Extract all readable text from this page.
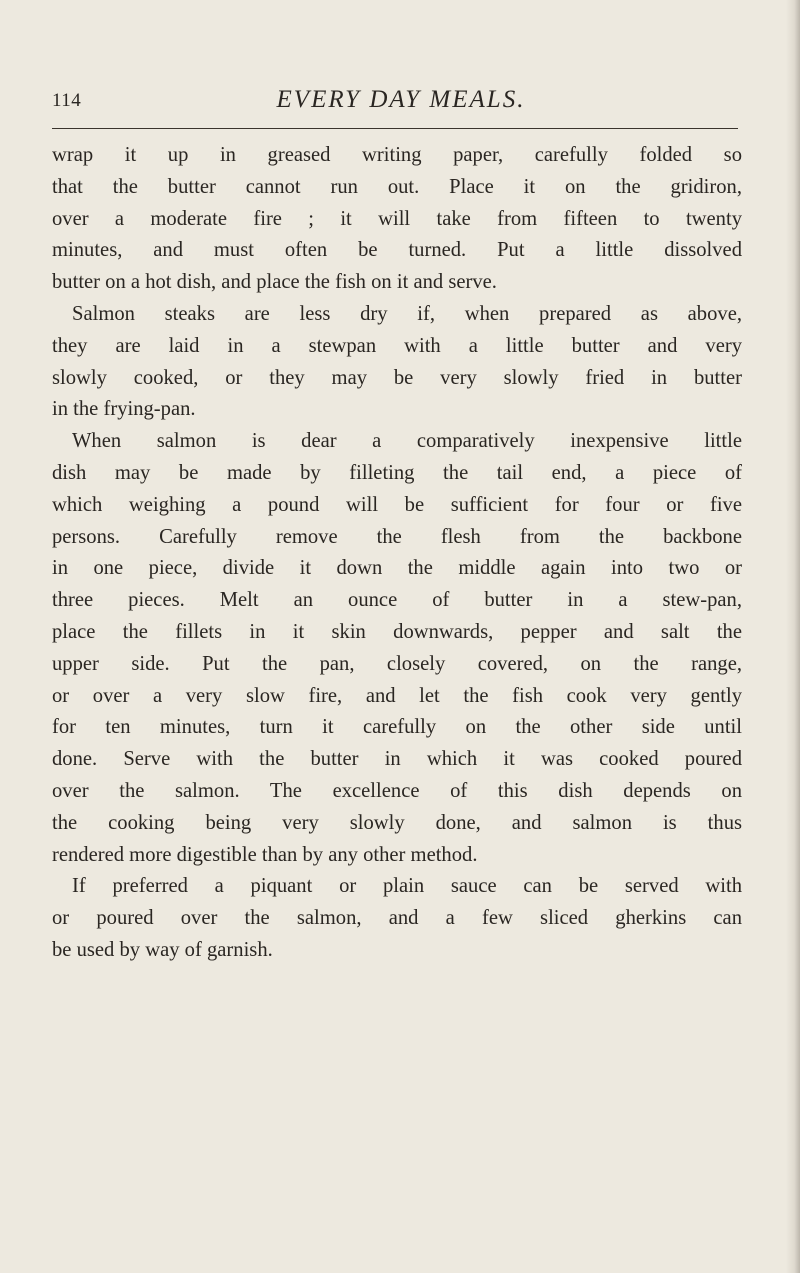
114	EVERY DAY MEALS.
wrap it up in greased writing paper, carefully folded so
that the butter cannot run out. Place it on the gridiron,
over a moderate fire ; it will take from fifteen to twenty
minutes, and must often be turned. Put a little dissolved
butter on a hot dish, and place the fish on it and serve.
Salmon steaks are less dry if, when prepared as above,
they are laid in a stewpan with a little butter and very
slowly cooked, or they may be very slowly fried in butter
in the frying-pan.
When salmon is dear a comparatively inexpensive little
dish may be made by filleting the tail end, a piece of
which weighing a pound will be sufficient for four or five
persons. Carefully remove the flesh from the backbone
in one piece, divide it down the middle again into two or
three pieces. Melt an ounce of butter in a stew-pan,
place the fillets in it skin downwards, pepper and salt the
upper side. Put the pan, closely covered, on the range,
or over a very slow fire, and let the fish cook very gently
for ten minutes, turn it carefully on the other side until
done. Serve with the butter in which it was cooked poured
over the salmon. The excellence of this dish depends on
the cooking being very slowly done, and salmon is thus
rendered more digestible than by any other method.
If preferred a piquant or plain sauce can be served with
or poured over the salmon, and a few sliced gherkins can
be used by way of garnish.
